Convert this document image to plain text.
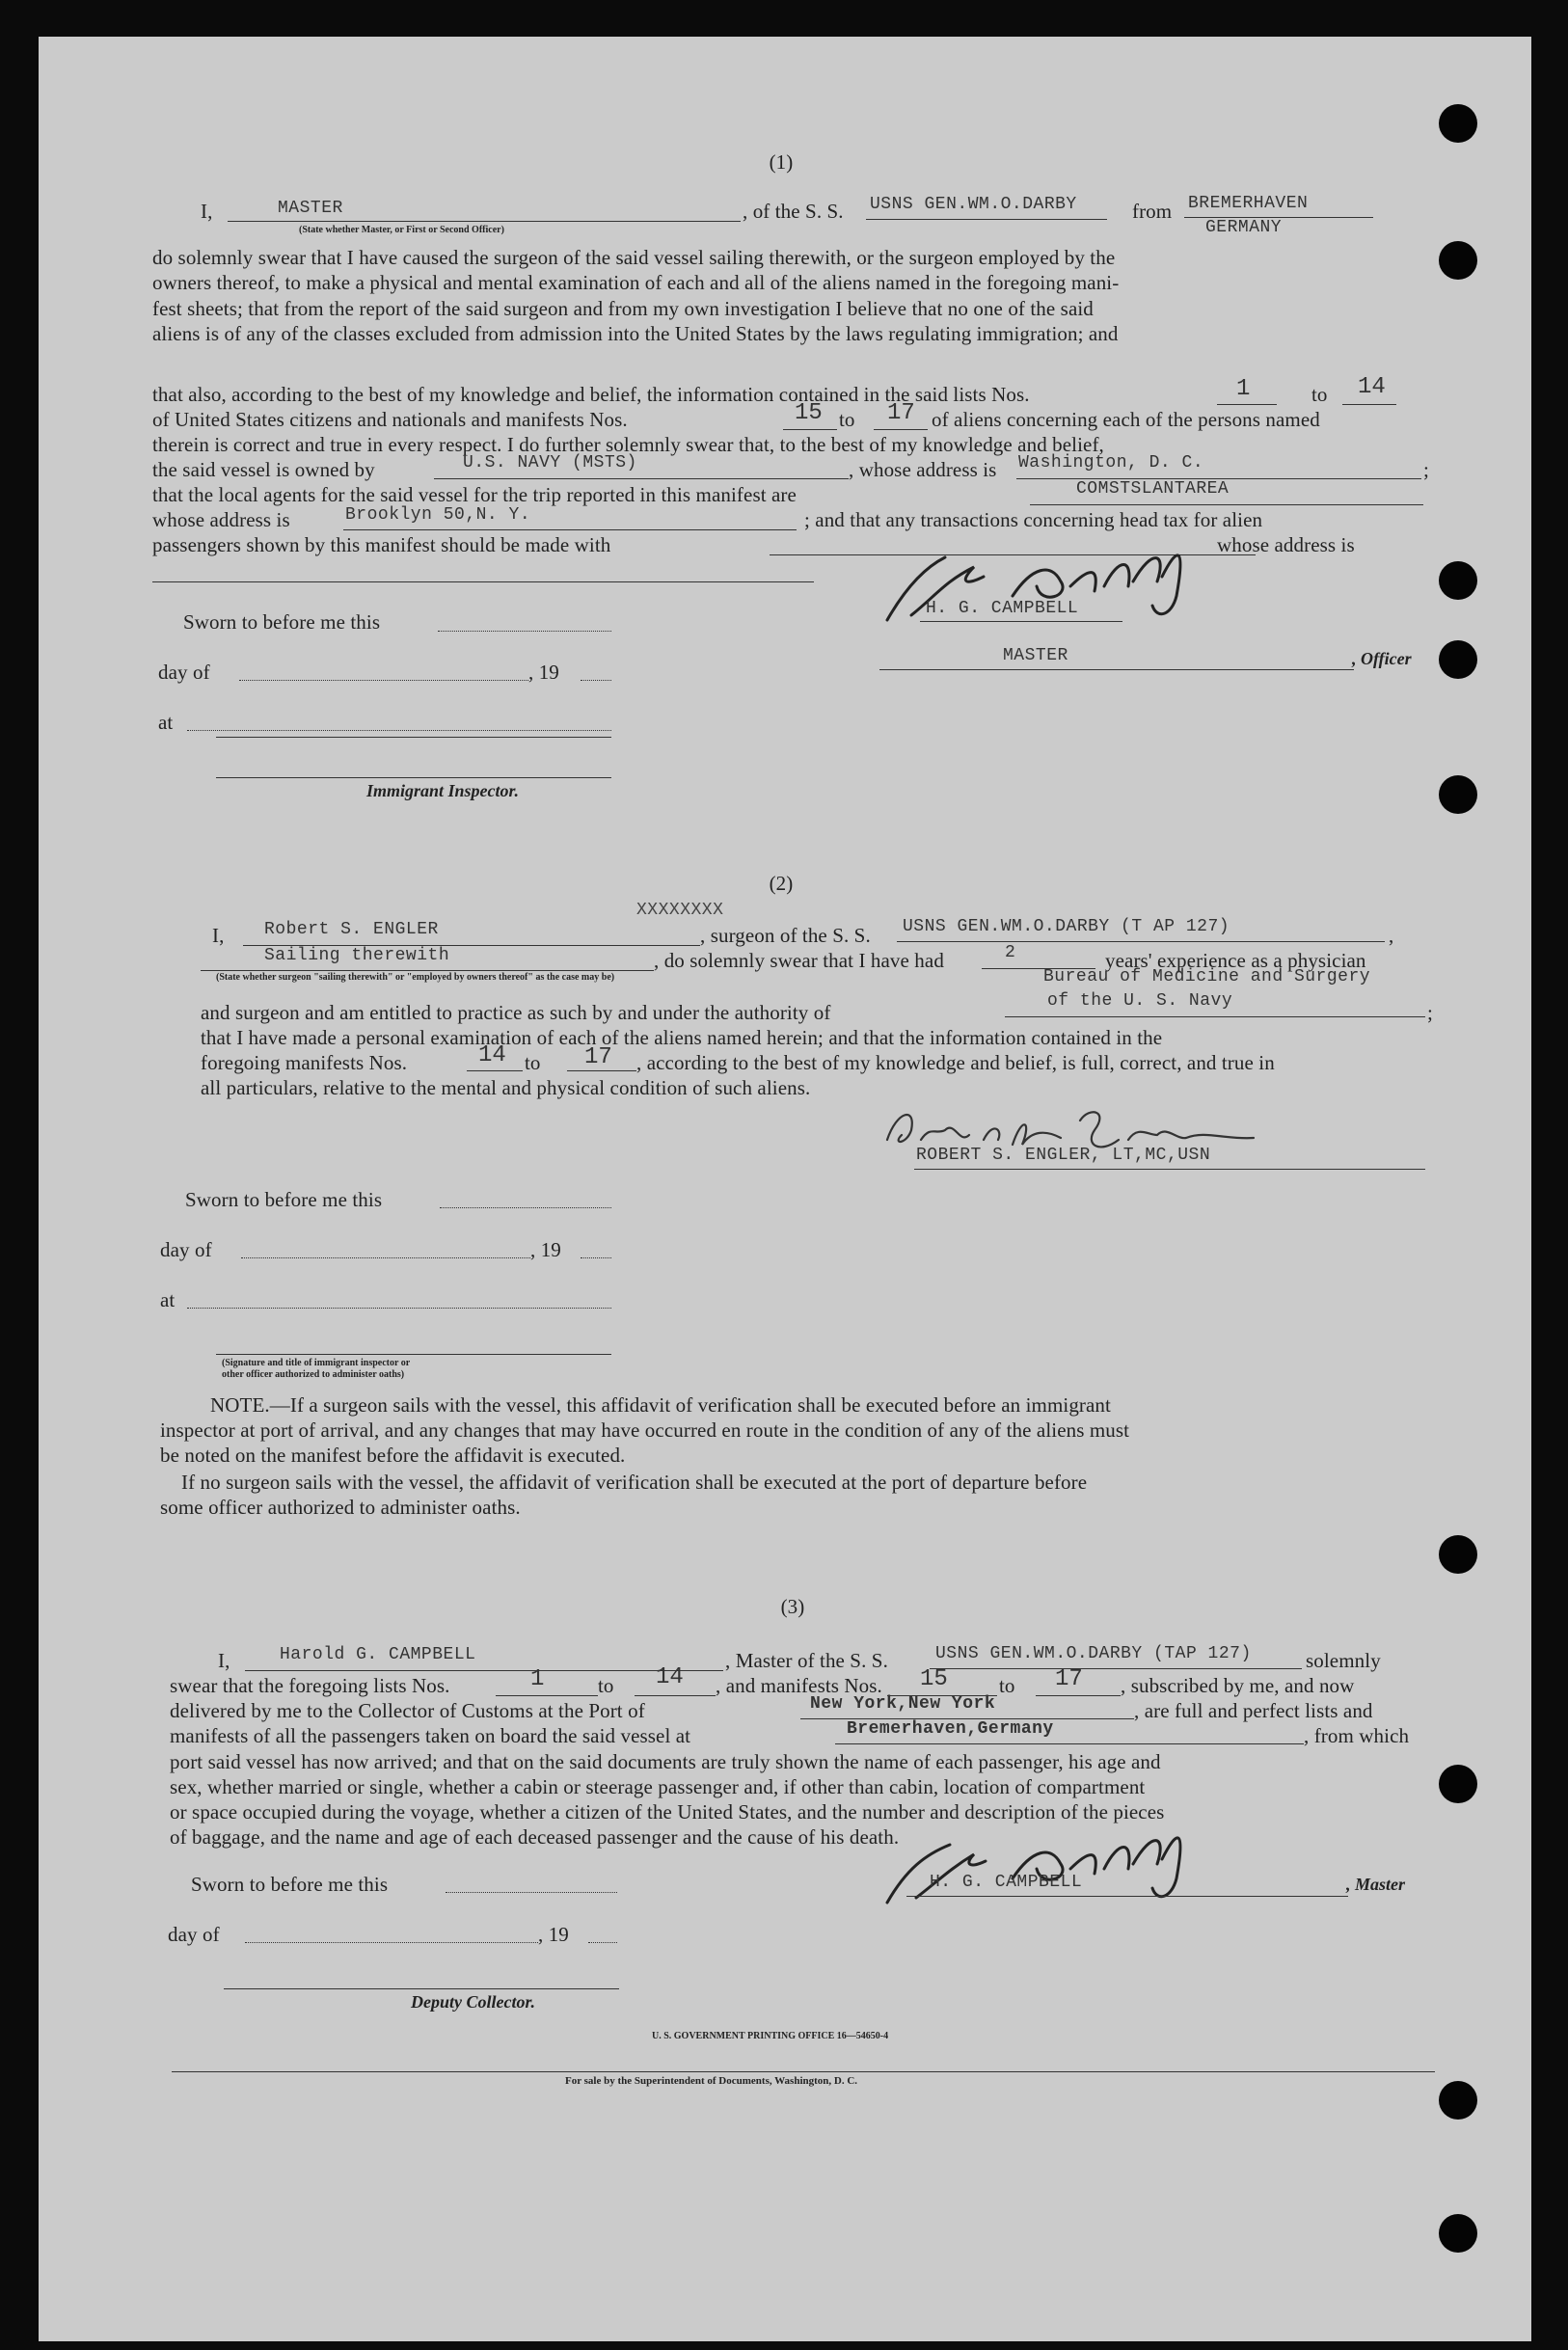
(1)
I,	MASTER
(State whether Master, or First or Second Officer)
, of the S. S. USNS GEN.WM.O.DARBY	from BREMERHAVEN
GERMANY

do solemnly swear that I have caused the surgeon of the said vessel sailing therewith, or the surgeon employed by the

owners thereof, to make a physical and mental examination of each and all of the aliens named in the foregoing mani-

fest sheets; that from the report of the said surgeon and from my own investigation I believe that no one of the said

aliens is of any of the classes excluded from admission into the United States by the laws regulating immigration; and

that also, according to the best of my knowledge and belief, the information contained in the said lists Nos.	1	to 14
of United States citizens and nationals and manifests Nos.	15 to 17 of aliens concerning each of the persons named
therein is correct and true in every respect. I do further solemnly swear that, to the best of my knowledge and belief,
the said vessel is owned by	U.S. NAVY (MSTS)	, whose address is Washington, D. C.	;
that the local agents for the said vessel for the trip reported in this manifest are	COMSTSLANTAREA
whose address is	Brooklyn 50,N. Y.	; and that any transactions concerning head tax for alien
passengers shown by this manifest should be made with	whose address is
Sworn to before me this
day of	, 19
at
Immigrant Inspector.
H. G. CAMPBELL
MASTER	, Officer
(2)
XXXXXXXX
I, Robert S. ENGLER	, surgeon of the S. S. USNS GEN.WM.O.DARBY (T AP 127)	,
Sailing therewith	, do solemnly swear that I have had	2	years' experience as a physician
(State whether surgeon "sailing therewith" or "employed by owners thereof" as the case may be)	Bureau of Medicine and Surgery
and surgeon and am entitled to practice as such by and under the authority of	of the U. S. Navy	;
that I have made a personal examination of each of the aliens named herein; and that the information contained in the
foregoing manifests Nos.	14 to 17 , according to the best of my knowledge and belief, is full, correct, and true in
all particulars, relative to the mental and physical condition of such aliens.
ROBERT S. ENGLER, LT,MC,USN
Sworn to before me this
day of	, 19
at
(Signature and title of immigrant inspector or
other officer authorized to administer oaths)

NOTE.—If a surgeon sails with the vessel, this affidavit of verification shall be executed before an immigrant

inspector at port of arrival, and any changes that may have occurred en route in the condition of any of the aliens must

be noted on the manifest before the affidavit is executed.

If no surgeon sails with the vessel, the affidavit of verification shall be executed at the port of departure before

some officer authorized to administer oaths.

(3)
I,	Harold G. CAMPBELL	, Master of the S. S.	USNS GEN.WM.O.DARBY (TAP 127)	solemnly
swear that the foregoing lists Nos.	1	to 14 , and manifests Nos. 15	to 17 , subscribed by me, and now
delivered by me to the Collector of Customs at the Port of	New York,New York	, are full and perfect lists and
manifests of all the passengers taken on board the said vessel at	Bremerhaven,Germany	, from which

port said vessel has now arrived; and that on the said documents are truly shown the name of each passenger, his age and

sex, whether married or single, whether a cabin or steerage passenger and, if other than cabin, location of compartment

or space occupied during the voyage, whether a citizen of the United States, and the number and description of the pieces

of baggage, and the name and age of each deceased passenger and the cause of his death.

Sworn to before me this	H. G. CAMPBELL	, Master
day of	, 19
Deputy Collector.
U. S. GOVERNMENT PRINTING OFFICE 16—54650-4
For sale by the Superintendent of Documents, Washington, D. C.
